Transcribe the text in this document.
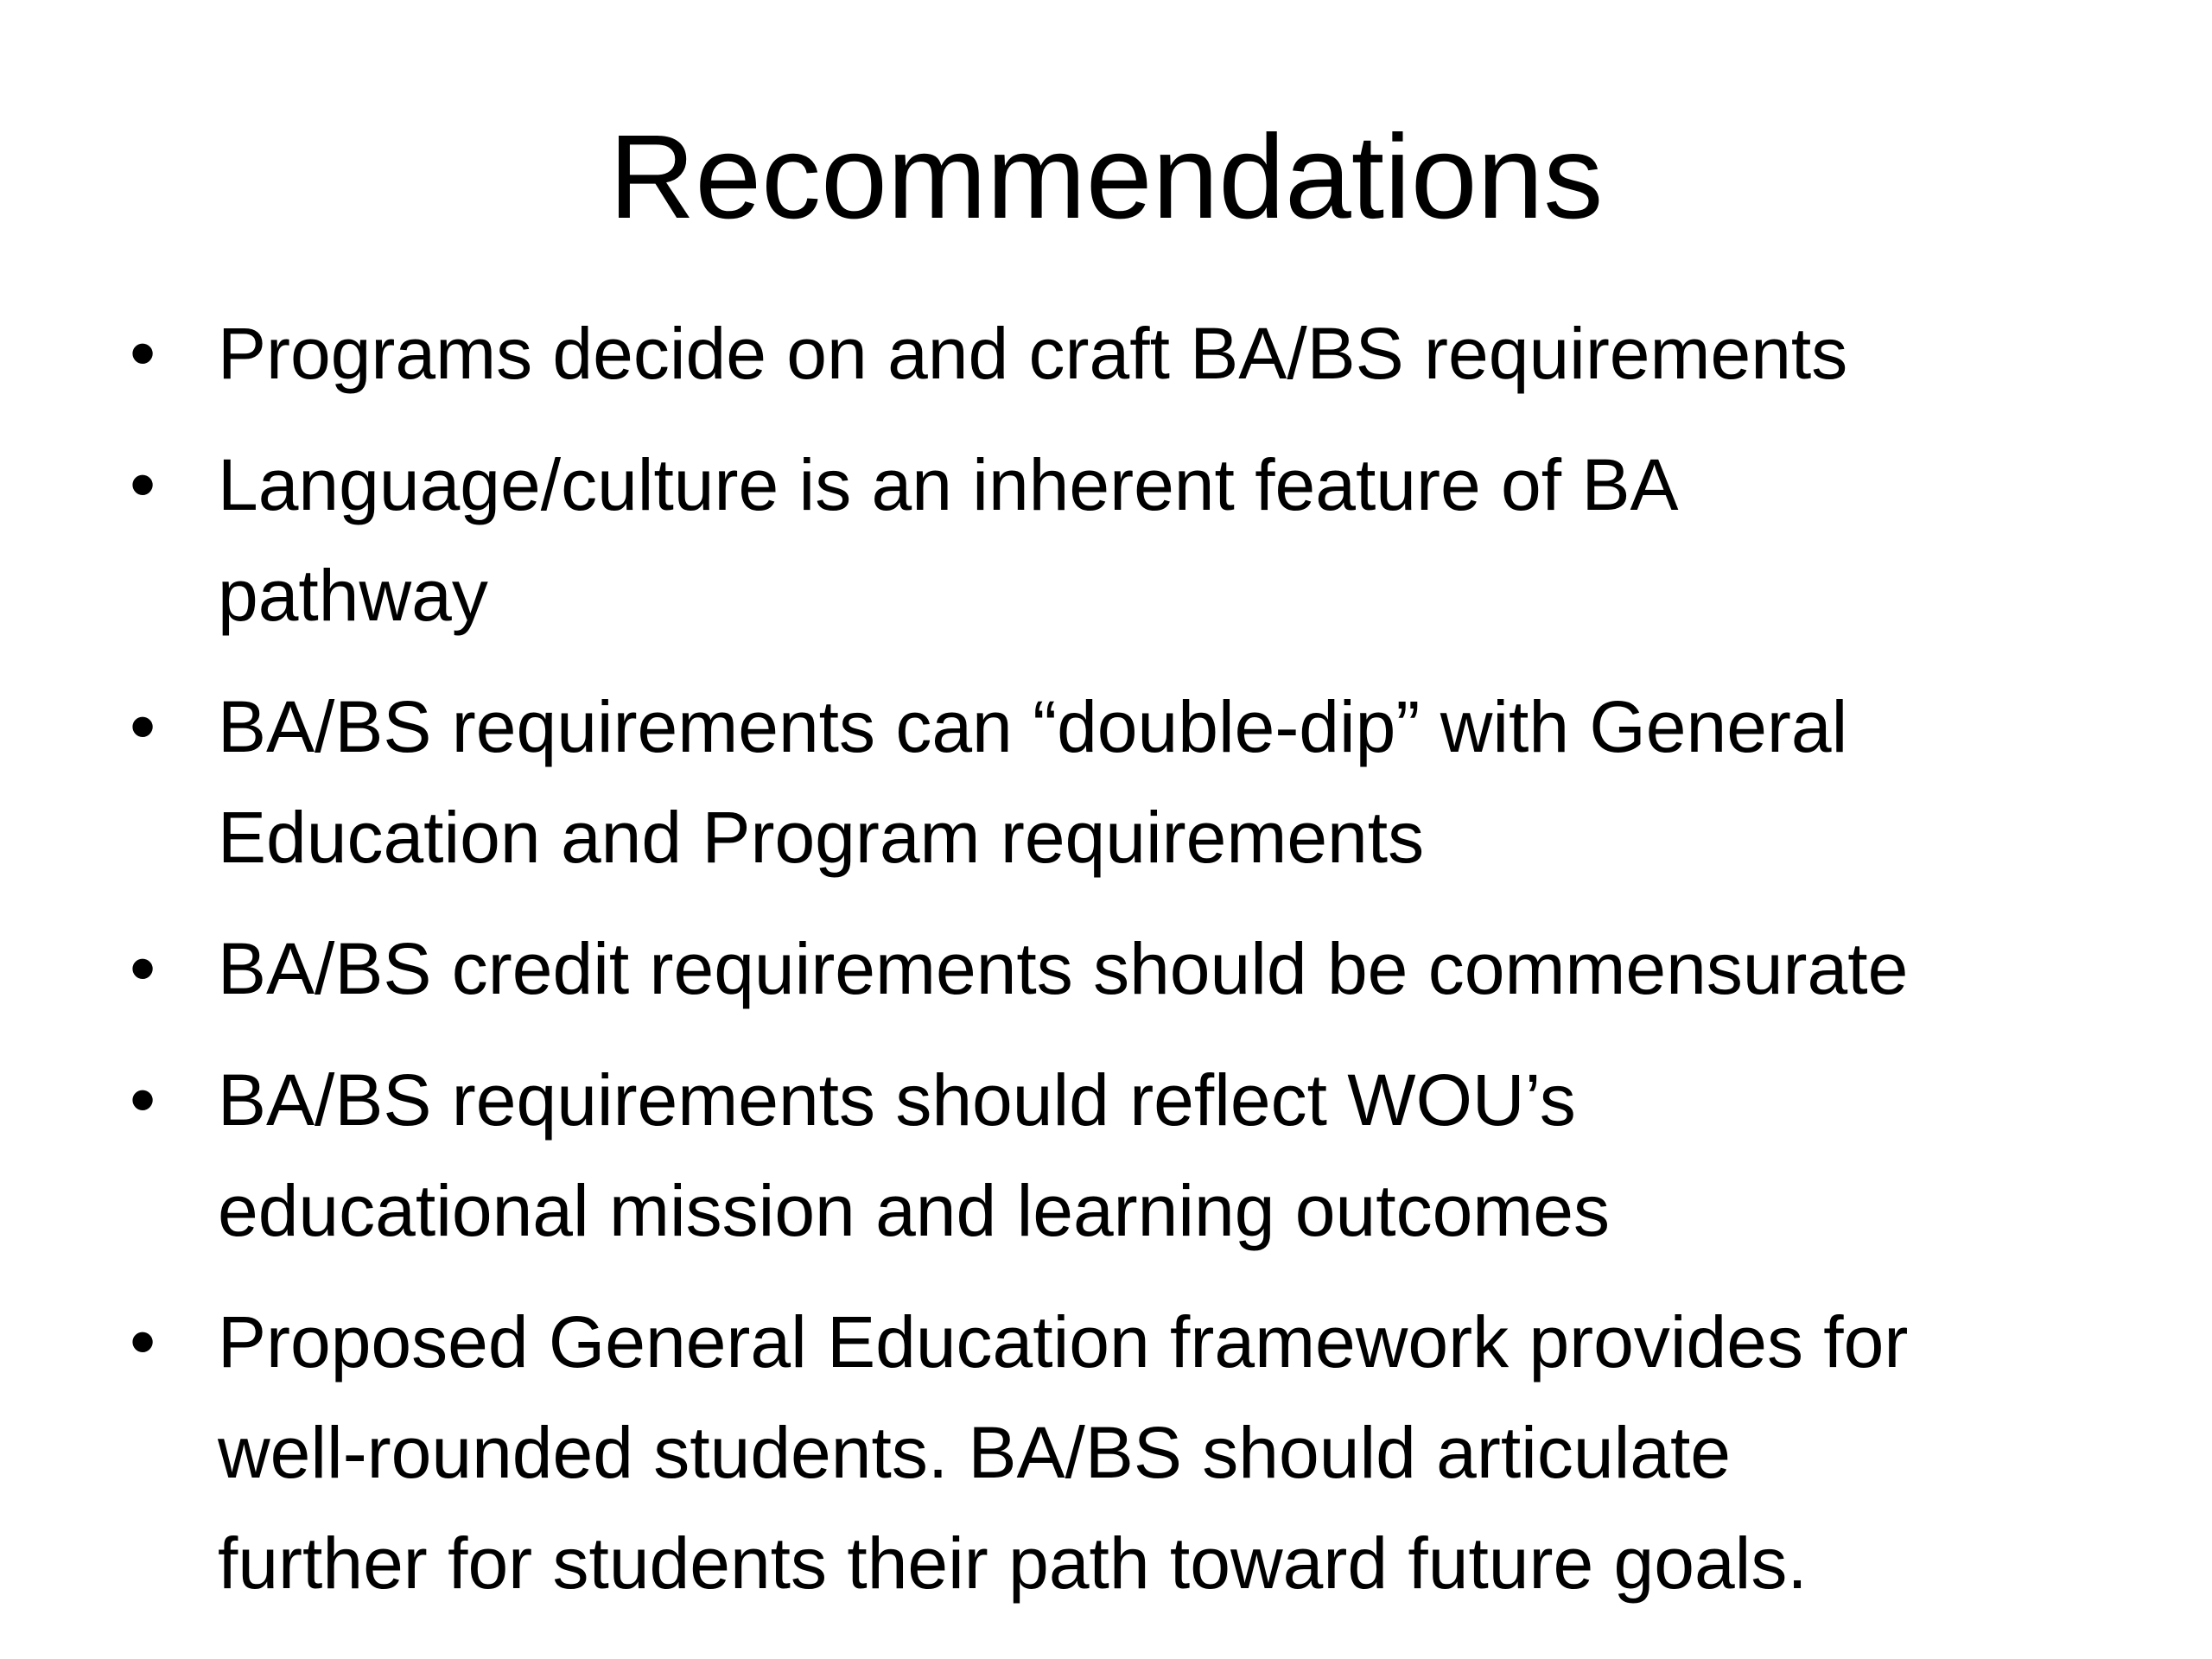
Recommendations
• Programs decide on and craft BA/BS requirements
• Language/culture is an inherent feature of BA
pathway
• BA/BS requirements can “double-dip” with General
Education and Program requirements
• BA/BS credit requirements should be commensurate
• BA/BS requirements should reflect WOU’s
educational mission and learning outcomes
• Proposed General Education framework provides for
well-rounded students. BA/BS should articulate
further for students their path toward future goals.
